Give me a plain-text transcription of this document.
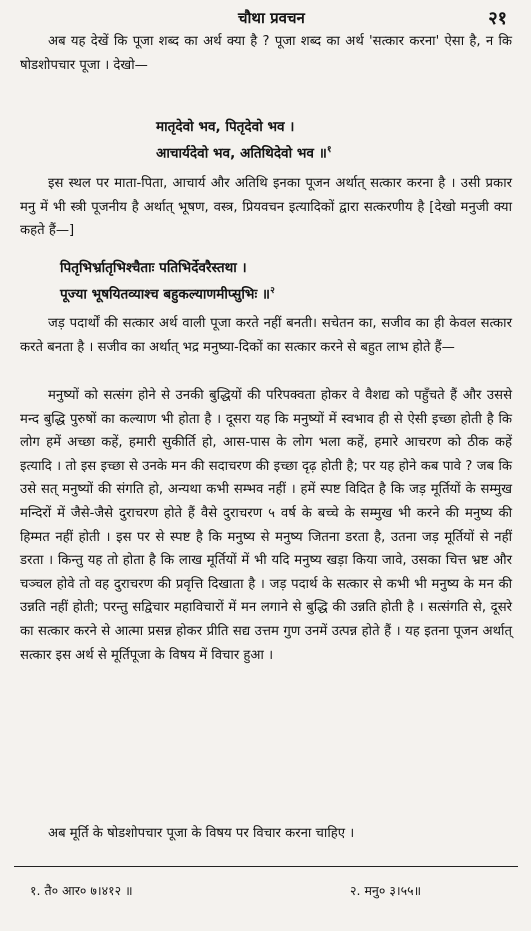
चौथा प्रवचन	२१

अब यह देखें कि पूजा शब्द का अर्थ क्या है ? पूजा शब्द का अर्थ 'सत्कार करना' ऐसा है, न कि षोडशोपचार पूजा । देखो—

मातृदेवो भव, पितृदेवो भव ।
आचार्यदेवो भव, अतिथिदेवो भव ॥$^१$

इस स्थल पर माता-पिता, आचार्य और अतिथि इनका पूजन अर्थात् सत्कार करना है । उसी प्रकार मनु में भी स्त्री पूजनीय है अर्थात् भूषण, वस्त्र, प्रियवचन इत्यादिकों द्वारा सत्करणीय है [देखो मनुजी क्या कहते हैं—]

पितृभिर्भ्रातृभिश्चैताः पतिभिर्देवरैस्तथा ।
पूज्या भूषयितव्याश्च बहुकल्याणमीप्सुभिः ॥$^२$

जड़ पदार्थों की सत्कार अर्थ वाली पूजा करते नहीं बनती। सचेतन का, सजीव का ही केवल सत्कार करते बनता है । सजीव का अर्थात् भद्र मनुष्या-दिकों का सत्कार करने से बहुत लाभ होते हैं—

मनुष्यों को सत्संग होने से उनकी बुद्धियों की परिपक्वता होकर वे वैशद्य को पहुँचते हैं और उससे मन्द बुद्धि पुरुषों का कल्याण भी होता है । दूसरा यह कि मनुष्यों में स्वभाव ही से ऐसी इच्छा होती है कि लोग हमें अच्छा कहें, हमारी सुकीर्ति हो, आस-पास के लोग भला कहें, हमारे आचरण को ठीक कहें इत्यादि । तो इस इच्छा से उनके मन की सदाचरण की इच्छा दृढ़ होती है; पर यह होने कब पावे ? जब कि उसे सत् मनुष्यों की संगति हो, अन्यथा कभी सम्भव नहीं । हमें स्पष्ट विदित है कि जड़ मूर्तियों के सम्मुख मन्दिरों में जैसे-जैसे दुराचरण होते हैं वैसे दुराचरण ५ वर्ष के बच्चे के सम्मुख भी करने की मनुष्य की हिम्मत नहीं होती । इस पर से स्पष्ट है कि मनुष्य से मनुष्य जितना डरता है, उतना जड़ मूर्तियों से नहीं डरता । किन्तु यह तो होता है कि लाख मूर्तियों में भी यदि मनुष्य खड़ा किया जावे, उसका चित्त भ्रष्ट और चञ्चल होवे तो वह दुराचरण की प्रवृत्ति दिखाता है । जड़ पदार्थ के सत्कार से कभी भी मनुष्य के मन की उन्नति नहीं होती; परन्तु सद्विचार महाविचारों में मन लगाने से बुद्धि की उन्नति होती है । सत्संगति से, दूसरे का सत्कार करने से आत्मा प्रसन्न होकर प्रीति सद्य उत्तम गुण उनमें उत्पन्न होते हैं । यह इतना पूजन अर्थात् सत्कार इस अर्थ से मूर्तिपूजा के विषय में विचार हुआ ।

अब मूर्ति के षोडशोपचार पूजा के विषय पर विचार करना चाहिए ।

१. तै० आर० ७।४१२ ॥	२. मनु० ३।५५॥
